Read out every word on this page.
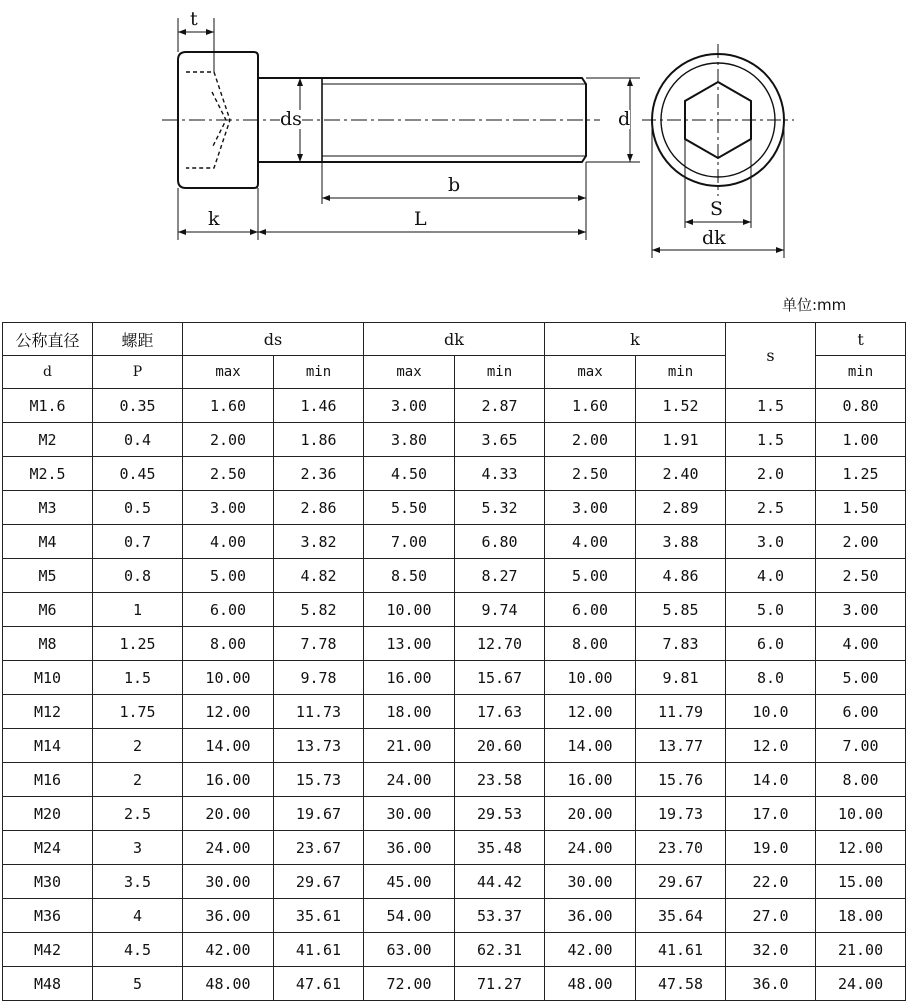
t
ds	d
b
k	L	S
dk
单位:mm
公称直径	螺距	ds		dk		k		s	t
d	P	max	min	max	min	max	min		min
M1.6	0.35	1.60	1.46	3.00	2.87	1.60	1.52	1.5	0.80
M2	0.4	2.00	1.86	3.80	3.65	2.00	1.91	1.5	1.00
M2.5	0.45	2.50	2.36	4.50	4.33	2.50	2.40	2.0	1.25
M3	0.5	3.00	2.86	5.50	5.32	3.00	2.89	2.5	1.50
M4	0.7	4.00	3.82	7.00	6.80	4.00	3.88	3.0	2.00
M5	0.8	5.00	4.82	8.50	8.27	5.00	4.86	4.0	2.50
M6	1	6.00	5.82	10.00	9.74	6.00	5.85	5.0	3.00
M8	1.25	8.00	7.78	13.00	12.70	8.00	7.83	6.0	4.00
M10	1.5	10.00	9.78	16.00	15.67	10.00	9.81	8.0	5.00
M12	1.75	12.00	11.73	18.00	17.63	12.00	11.79	10.0	6.00
M14	2	14.00	13.73	21.00	20.60	14.00	13.77	12.0	7.00
M16	2	16.00	15.73	24.00	23.58	16.00	15.76	14.0	8.00
M20	2.5	20.00	19.67	30.00	29.53	20.00	19.73	17.0	10.00
M24	3	24.00	23.67	36.00	35.48	24.00	23.70	19.0	12.00
M30	3.5	30.00	29.67	45.00	44.42	30.00	29.67	22.0	15.00
M36	4	36.00	35.61	54.00	53.37	36.00	35.64	27.0	18.00
M42	4.5	42.00	41.61	63.00	62.31	42.00	41.61	32.0	21.00
M48	5	48.00	47.61	72.00	71.27	48.00	47.58	36.0	24.00
